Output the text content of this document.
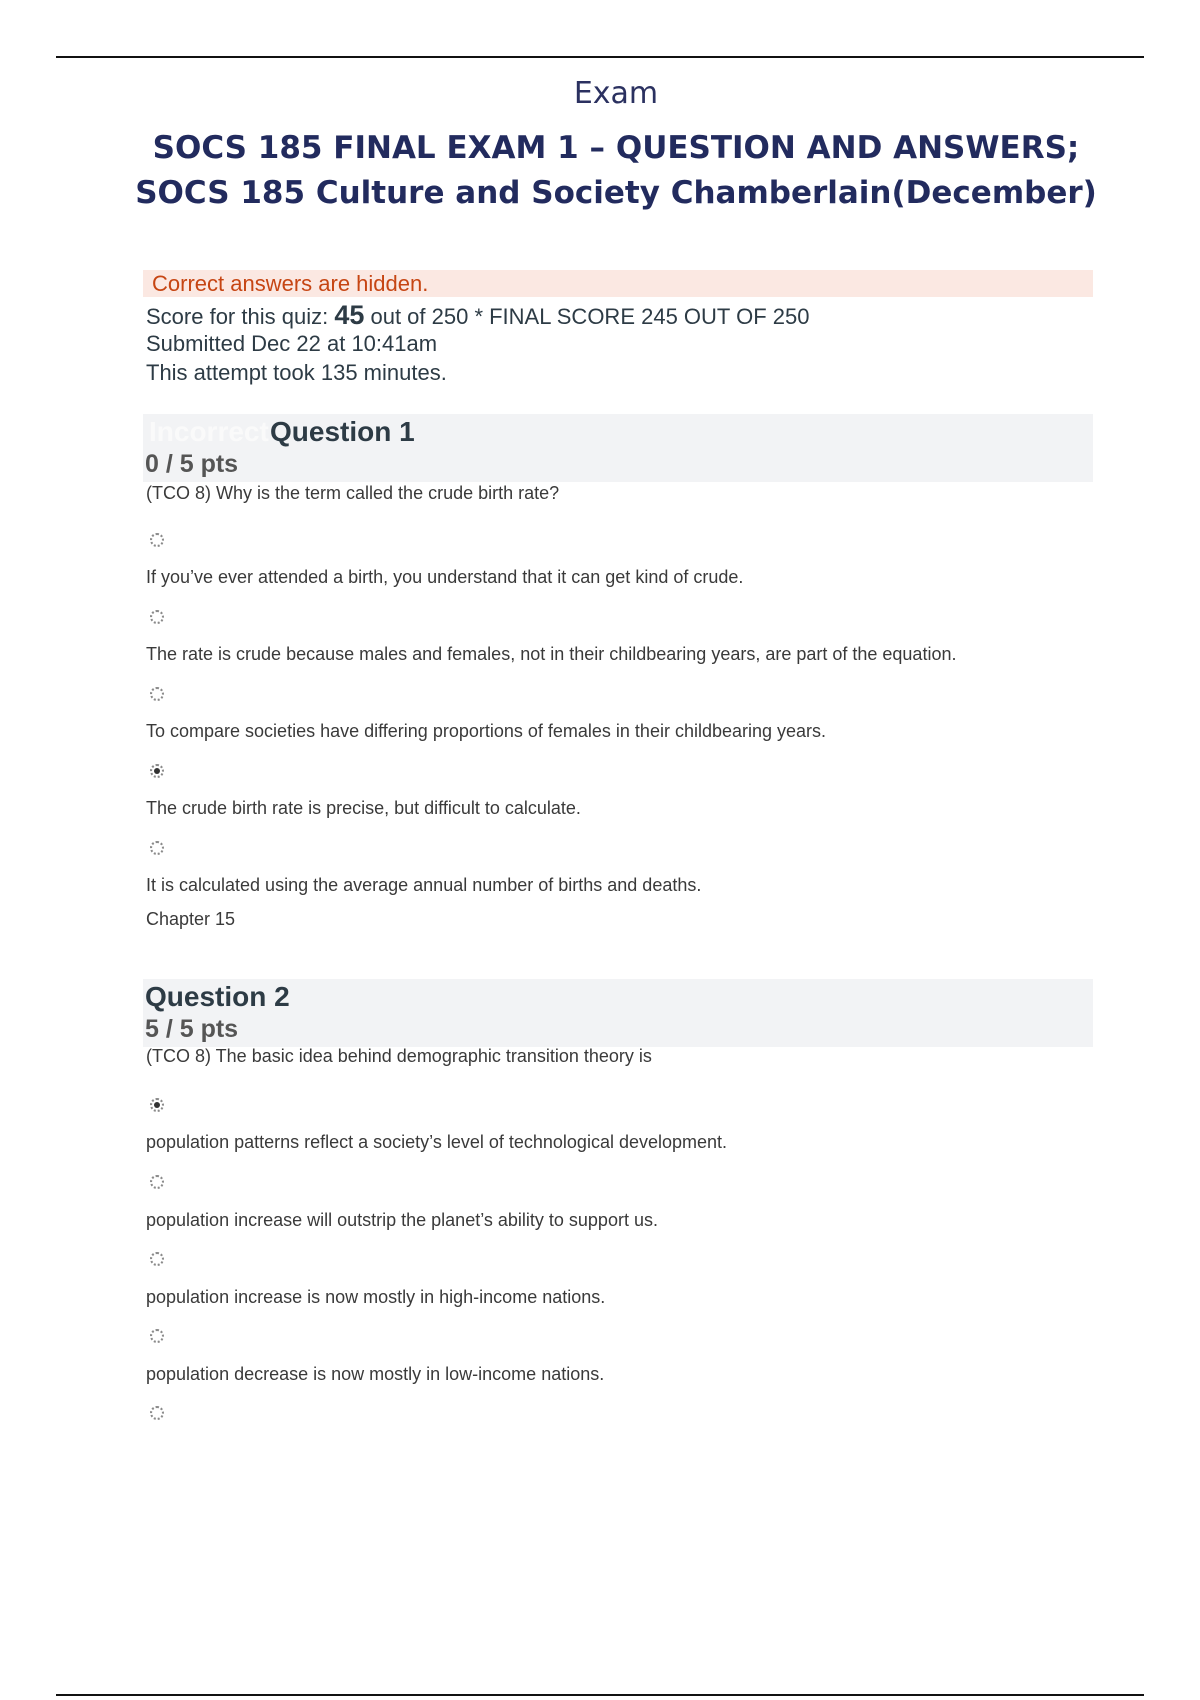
Exam
SOCS 185 FINAL EXAM 1 – QUESTION AND ANSWERS; SOCS 185 Culture and Society Chamberlain(December)
Correct answers are hidden.
Score for this quiz: 45 out of 250 * FINAL SCORE 245 OUT OF 250
Submitted Dec 22 at 10:41am
This attempt took 135 minutes.
Incorrect Question 1
0 / 5 pts
(TCO 8) Why is the term called the crude birth rate?
If you’ve ever attended a birth, you understand that it can get kind of crude.
The rate is crude because males and females, not in their childbearing years, are part of the equation.
To compare societies have differing proportions of females in their childbearing years.
The crude birth rate is precise, but difficult to calculate.
It is calculated using the average annual number of births and deaths.
Chapter 15
Question 2
5 / 5 pts
(TCO 8) The basic idea behind demographic transition theory is
population patterns reflect a society’s level of technological development.
population increase will outstrip the planet’s ability to support us.
population increase is now mostly in high-income nations.
population decrease is now mostly in low-income nations.
